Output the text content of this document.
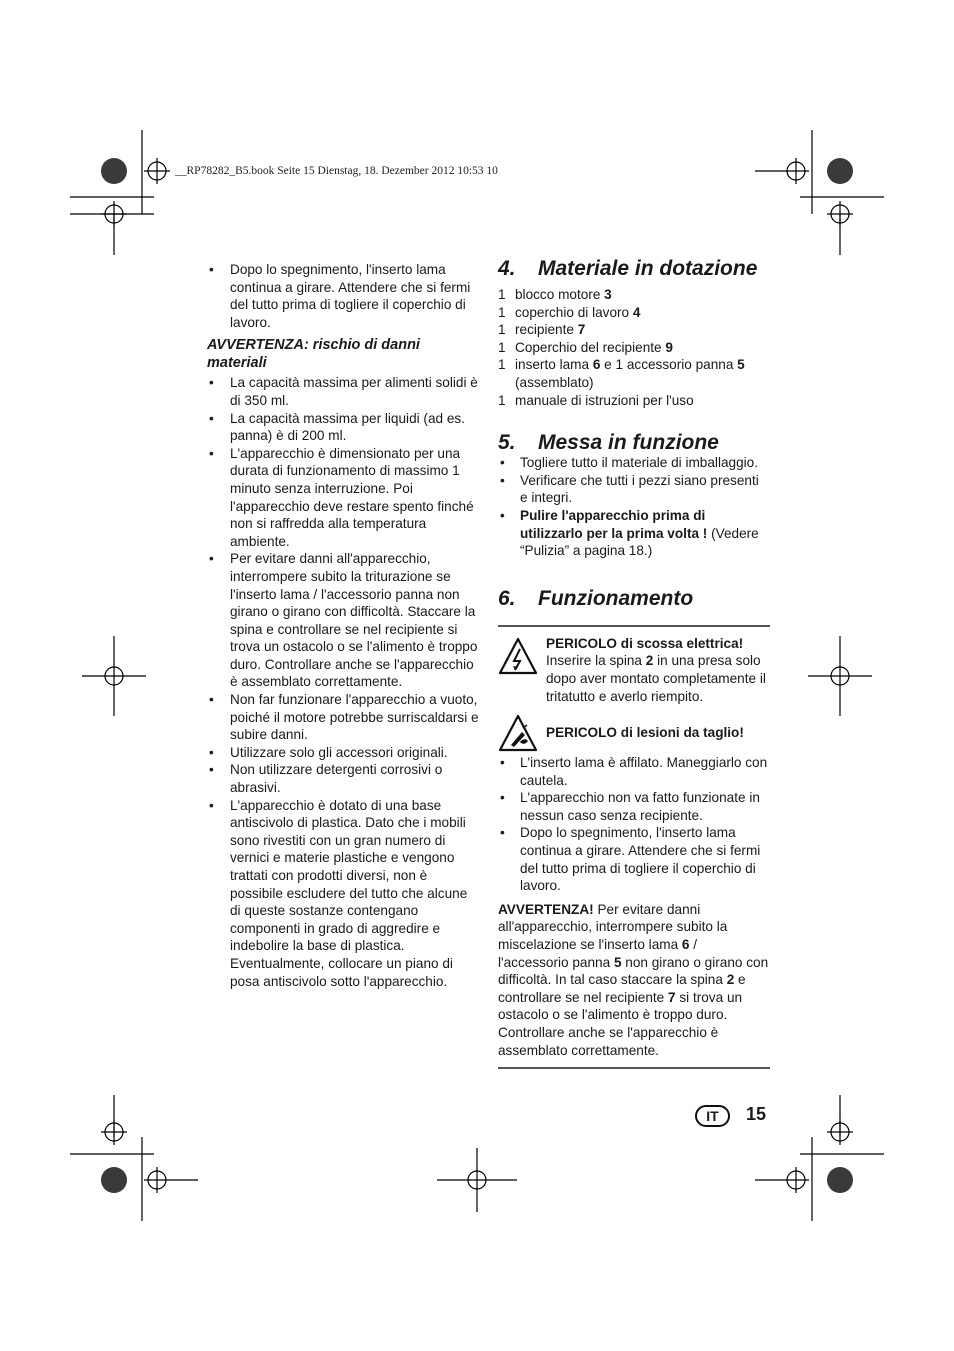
__RP78282_B5.book Seite 15 Dienstag, 18. Dezember 2012 10:53 10
• Dopo lo spegnimento, l'inserto lama continua a girare. Attendere che si fermi del tutto prima di togliere il coperchio di lavoro.
AVVERTENZA: rischio di danni materiali
• La capacità massima per alimenti solidi è di 350 ml.
• La capacità massima per liquidi (ad es. panna) è di 200 ml.
• L'apparecchio è dimensionato per una durata di funzionamento di massimo 1 minuto senza interruzione. Poi l'apparecchio deve restare spento finché non si raffredda alla temperatura ambiente.
• Per evitare danni all'apparecchio, interrompere subito la triturazione se l'inserto lama / l'accessorio panna non girano o girano con difficoltà. Staccare la spina e controllare se nel recipiente si trova un ostacolo o se l'alimento è troppo duro. Controllare anche se l'apparecchio è assemblato correttamente.
• Non far funzionare l'apparecchio a vuoto, poiché il motore potrebbe surriscaldarsi e subire danni.
• Utilizzare solo gli accessori originali.
• Non utilizzare detergenti corrosivi o abrasivi.
• L'apparecchio è dotato di una base antiscivolo di plastica. Dato che i mobili sono rivestiti con un gran numero di vernici e materie plastiche e vengono trattati con prodotti diversi, non è possibile escludere del tutto che alcune di queste sostanze contengano componenti in grado di aggredire e indebolire la base di plastica. Eventualmente, collocare un piano di posa antiscivolo sotto l'apparecchio.
4. Materiale in dotazione
1 blocco motore 3
1 coperchio di lavoro 4
1 recipiente 7
1 Coperchio del recipiente 9
1 inserto lama 6 e 1 accessorio panna 5 (assemblato)
1 manuale di istruzioni per l'uso
5. Messa in funzione
• Togliere tutto il materiale di imballaggio.
• Verificare che tutti i pezzi siano presenti e integri.
• Pulire l'apparecchio prima di utilizzarlo per la prima volta ! (Vedere “Pulizia” a pagina 18.)
6. Funzionamento
PERICOLO di scossa elettrica!
Inserire la spina 2 in una presa solo dopo aver montato completamente il tritatutto e averlo riempito.
PERICOLO di lesioni da taglio!
• L'inserto lama è affilato. Maneggiarlo con cautela.
• L'apparecchio non va fatto funzionate in nessun caso senza recipiente.
• Dopo lo spegnimento, l'inserto lama continua a girare. Attendere che si fermi del tutto prima di togliere il coperchio di lavoro.
AVVERTENZA! Per evitare danni all'apparecchio, interrompere subito la miscelazione se l'inserto lama 6 / l'accessorio panna 5 non girano o girano con difficoltà. In tal caso staccare la spina 2 e controllare se nel recipiente 7 si trova un ostacolo o se l'alimento è troppo duro. Controllare anche se l'apparecchio è assemblato correttamente.
IT	15
